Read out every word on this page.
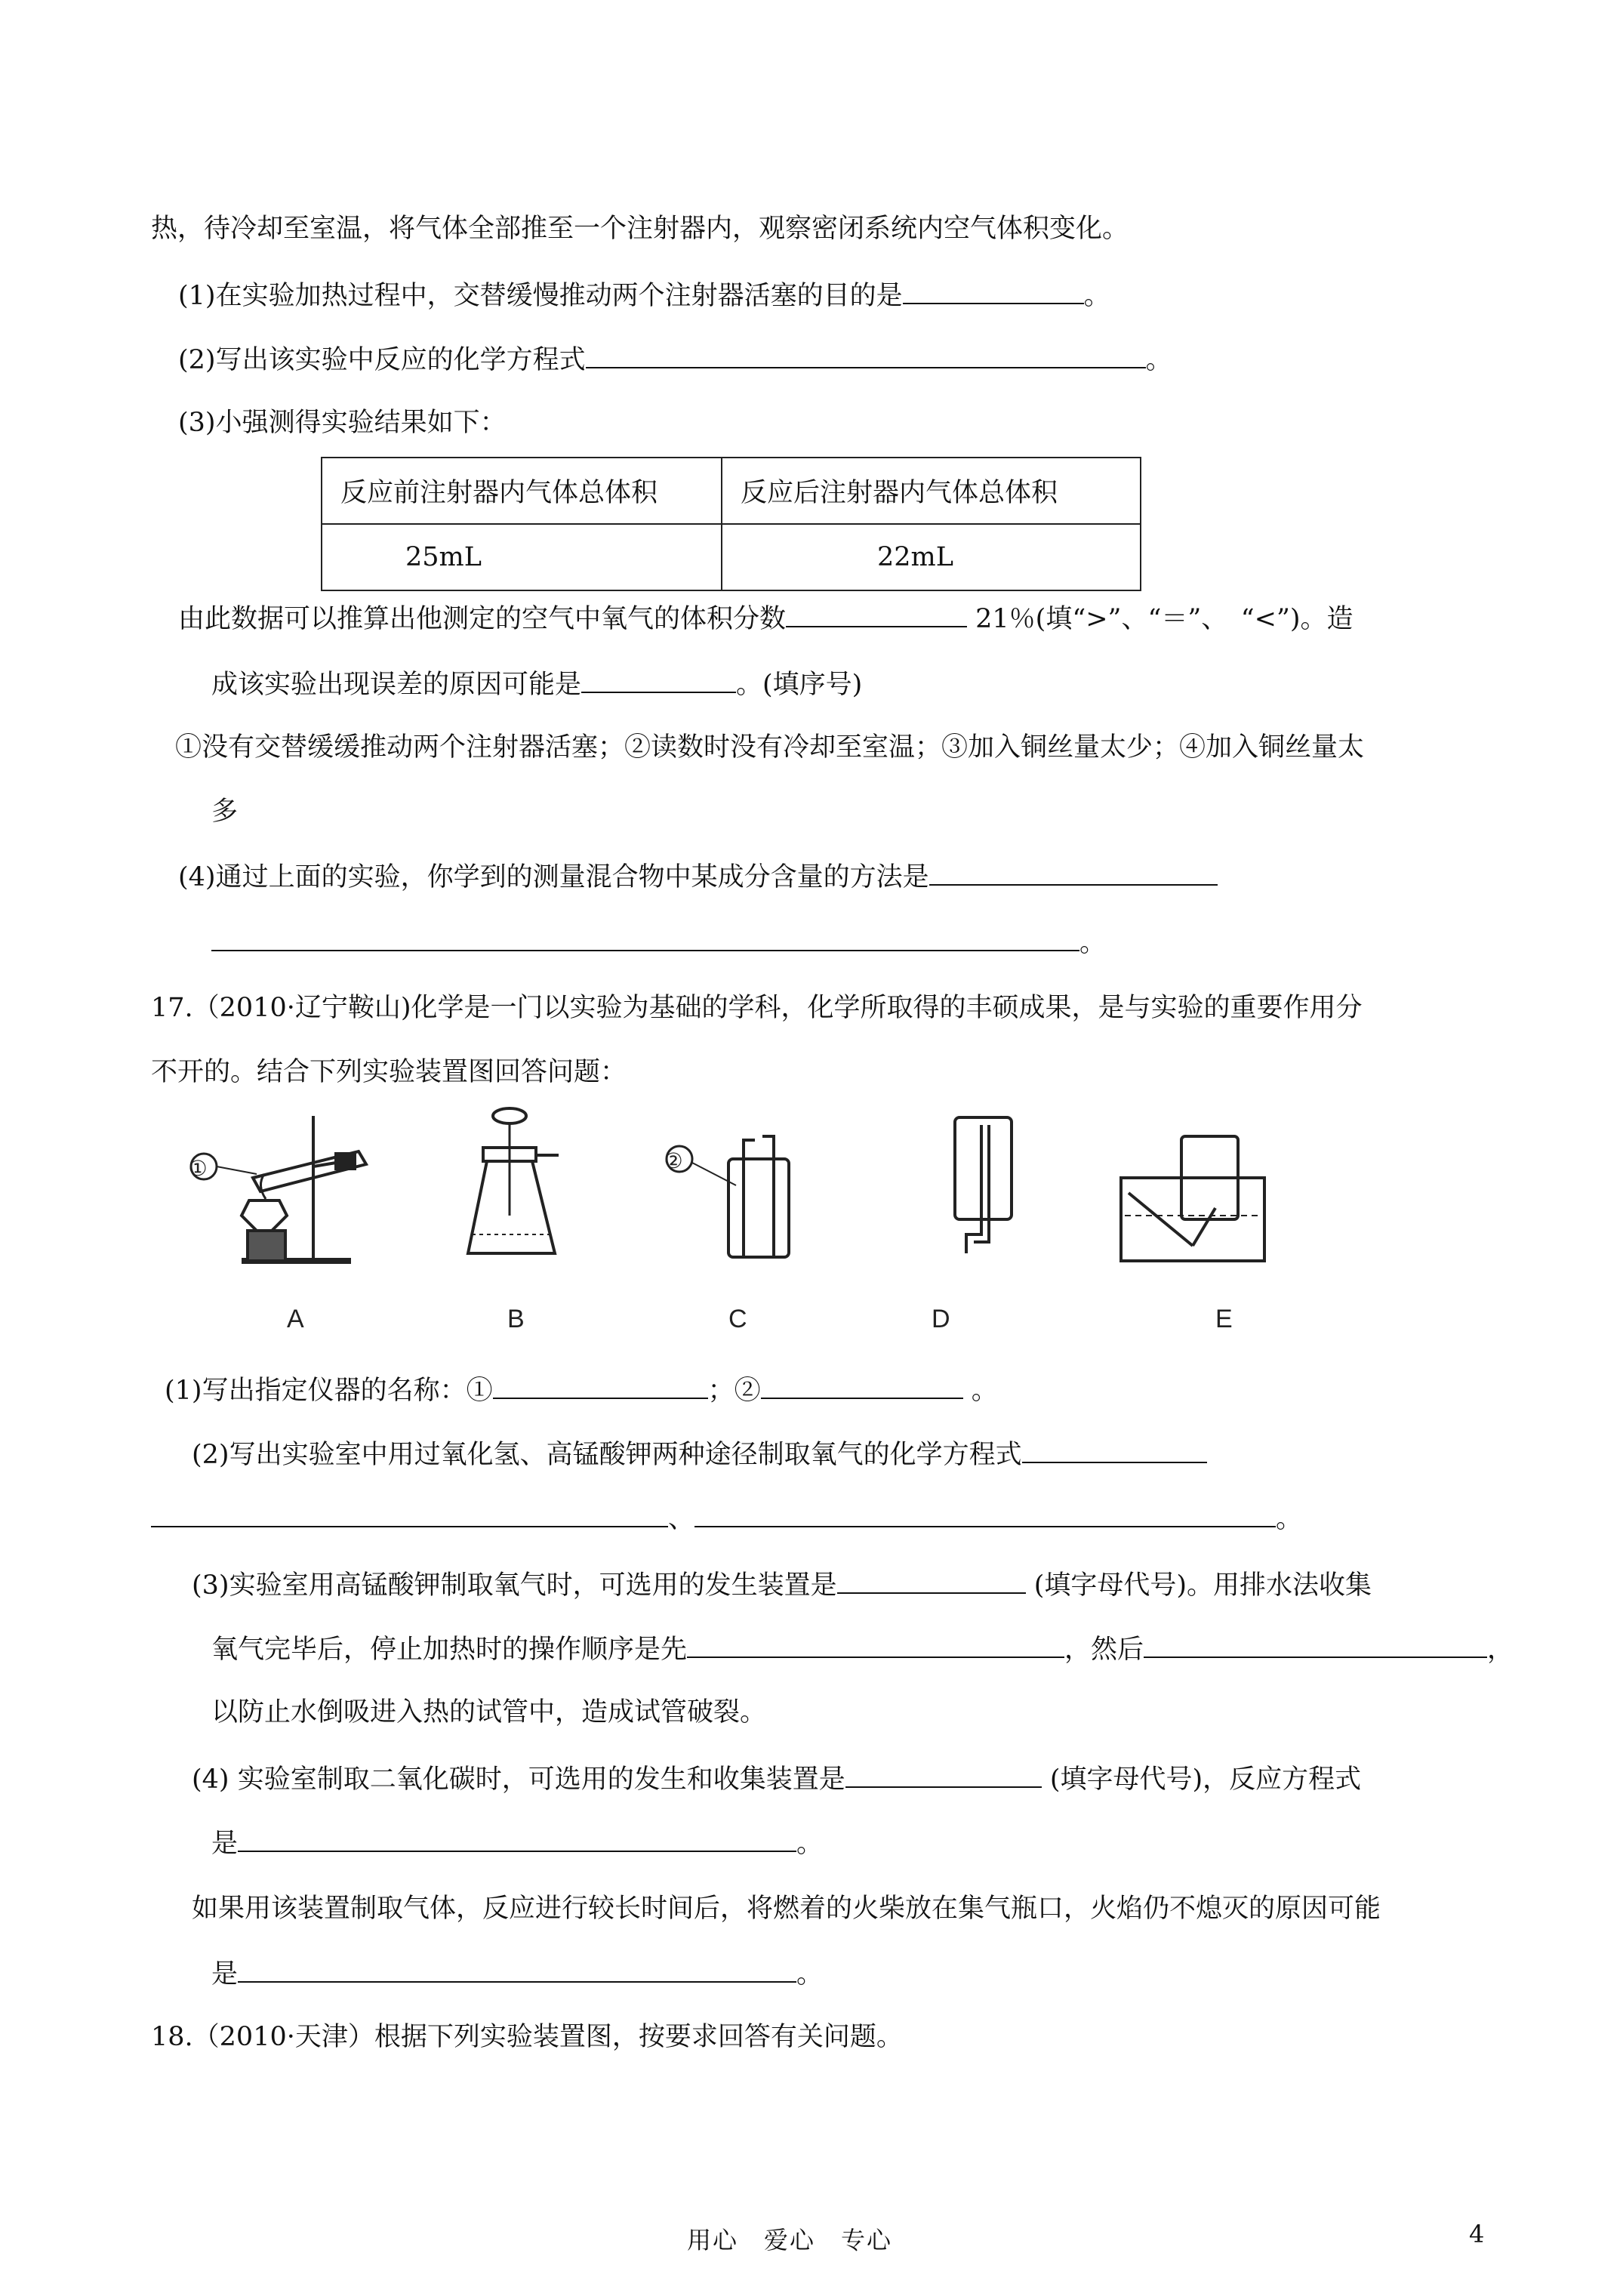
热，待冷却至室温，将气体全部推至一个注射器内，观察密闭系统内空气体积变化。
(1)在实验加热过程中，交替缓慢推动两个注射器活塞的目的是	。
(2)写出该实验中反应的化学方程式	。
(3)小强测得实验结果如下：
反应前注射器内气体总体积	反应后注射器内气体总体积
25mL	22mL
由此数据可以推算出他测定的空气中氧气的体积分数	21％(填“>”、“＝”、　“<”)。造
成该实验出现误差的原因可能是	。(填序号)
①没有交替缓缓推动两个注射器活塞；②读数时没有冷却至室温；③加入铜丝量太少；④加入铜丝量太
多
(4)通过上面的实验，你学到的测量混合物中某成分含量的方法是
。
17.（2010·辽宁鞍山)化学是一门以实验为基础的学科，化学所取得的丰硕成果，是与实验的重要作用分
不开的。结合下列实验装置图回答问题：
①	②
A	B	C	D	E
(1)写出指定仪器的名称：①	；②	。
(2)写出实验室中用过氧化氢、高锰酸钾两种途径制取氧气的化学方程式
、	。
(3)实验室用高锰酸钾制取氧气时，可选用的发生装置是	(填字母代号)。用排水法收集
氧气完毕后，停止加热时的操作顺序是先	，然后	，
以防止水倒吸进入热的试管中，造成试管破裂。
(4) 实验室制取二氧化碳时，可选用的发生和收集装置是	(填字母代号)，反应方程式
是	。
如果用该装置制取气体，反应进行较长时间后，将燃着的火柴放在集气瓶口，火焰仍不熄灭的原因可能
是	。
18.（2010·天津）根据下列实验装置图，按要求回答有关问题。
用心　爱心　专心	4
